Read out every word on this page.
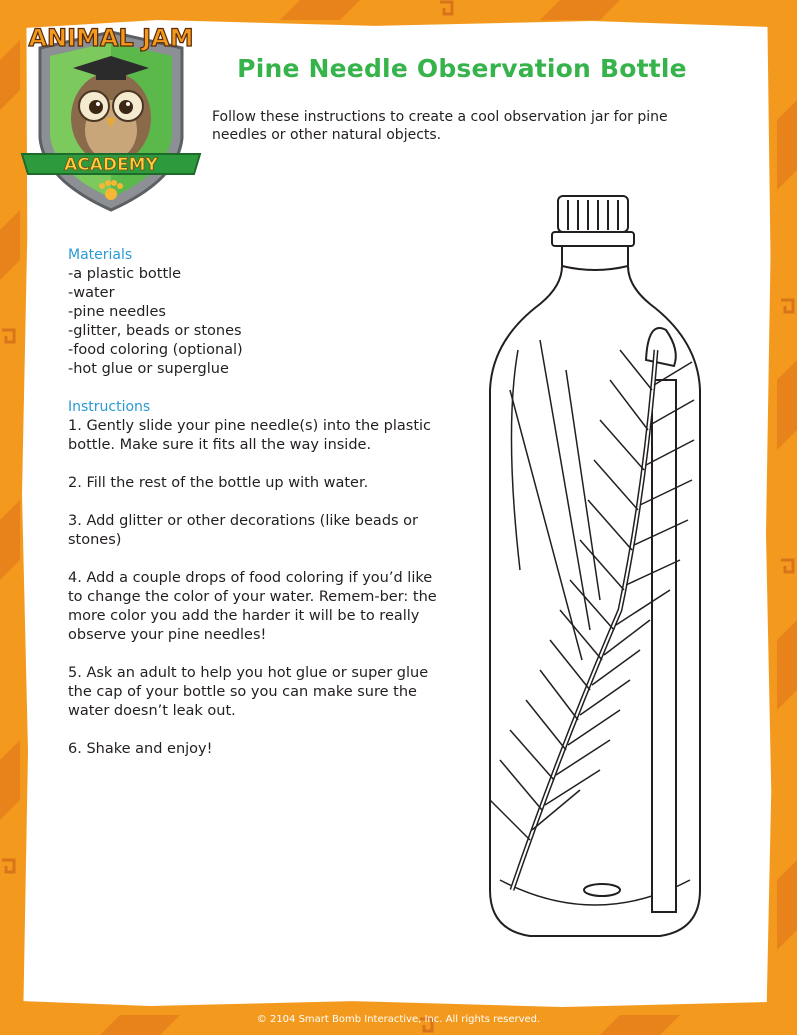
ACADEMY
ANIMAL JAM
Pine Needle Observation Bottle

Follow these instructions to create a cool observation jar for pine needles or other natural objects.

Materials

-a plastic bottle
-water
-pine needles
-glitter, beads or stones
-food coloring (optional)
-hot glue or superglue

Instructions

1. Gently slide your pine needle(s) into the plastic bottle. Make sure it fits all the way inside.

2. Fill the rest of the bottle up with water.

3. Add glitter or other decorations (like beads or stones)

4. Add a couple drops of food coloring if you’d like to change the color of your water. Remem-ber: the more color you add the harder it will be to really observe your pine needles!

5. Ask an adult to help you hot glue or super glue the cap of your bottle so you can make sure the water doesn’t leak out.

6. Shake and enjoy!

© 2104 Smart Bomb Interactive, Inc. All rights reserved.
